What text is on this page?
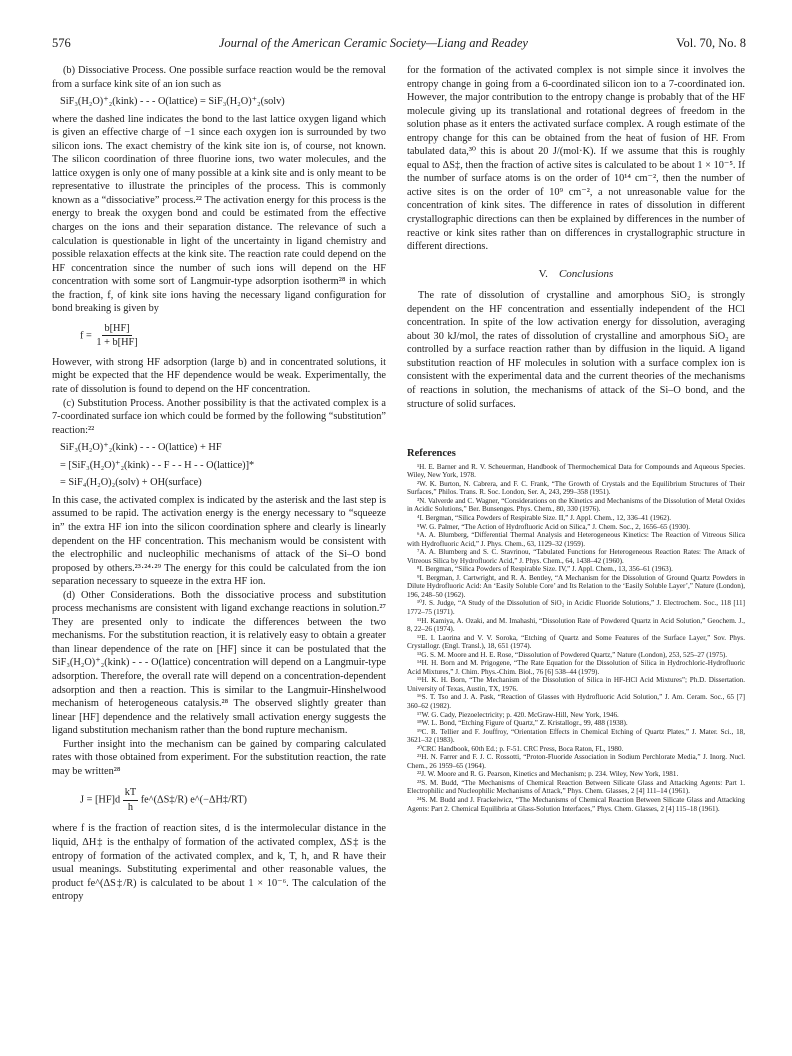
576	Journal of the American Ceramic Society—Liang and Readey	Vol. 70, No. 8

(b) Dissociative Process. One possible surface reaction would be the removal from a surface kink site of an ion such as

SiF₃(H₂O)⁺₂(kink) - - - O(lattice) = SiF₃(H₂O)⁺₂(solv)

where the dashed line indicates the bond to the last lattice oxygen ligand which is given an effective charge of −1 since each oxygen ion is surrounded by two silicon ions. The exact chemistry of the kink site ion is, of course, not known. The silicon coordination of three fluorine ions, two water molecules, and the lattice oxygen is only one of many possible at a kink site and is only meant to be representative to illustrate the principles of the process. This is commonly known as a “dissociative” process.²² The activation energy for this process is the energy to break the oxygen bond and could be estimated from the effective charges on the ions and their separation distance. The relevance of such a calculation is questionable in light of the uncertainty in ligand chemistry and possible relaxation effects at the kink site. The reaction rate could depend on the HF concentration since the number of such ions will depend on the HF concentration with some sort of Langmuir-type adsorption isotherm²⁸ in which the fraction, f, of kink site ions having the necessary ligand configuration for bond breaking is given by

$f = \frac{b[HF]}{1 + b[HF]}$

However, with strong HF adsorption (large b) and in concentrated solutions, it might be expected that the HF dependence would be weak. Experimentally, the rate of dissolution is found to depend on the HF concentration.

(c) Substitution Process. Another possibility is that the activated complex is a 7-coordinated surface ion which could be formed by the following “substitution” reaction:²²

SiF₃(H₂O)⁺₂(kink) - - - O(lattice) + HF
= [SiF₃(H₂O)⁺₂(kink) - - F - - H - - O(lattice)]*
= SiF₄(H₂O)₂(solv) + OH(surface)

In this case, the activated complex is indicated by the asterisk and the last step is assumed to be rapid. The activation energy is the energy necessary to “squeeze in” the extra HF ion into the silicon coordination sphere and clearly is linearly dependent on the HF concentration. This mechanism would be consistent with the electrophilic and nucleophilic mechanisms of attack of the Si–O bond proposed by others.²³·²⁴·²⁹ The energy for this could be calculated from the ion separation necessary to squeeze in the extra HF ion.

(d) Other Considerations. Both the dissociative process and substitution process mechanisms are consistent with ligand exchange reactions in solution.²⁷ They are presented only to indicate the differences between the two mechanisms. For the substitution reaction, it is relatively easy to obtain a greater than linear dependence of the rate on [HF] since it can be postulated that the SiF₃(H₂O)⁺₂(kink) - - - O(lattice) concentration will depend on a Langmuir-type adsorption. Therefore, the overall rate will depend on a concentration-dependent adsorption and then a reaction. This is similar to the Langmuir-Hinshelwood mechanism of heterogeneous catalysis.²⁸ The observed slightly greater than linear [HF] dependence and the relatively small activation energy suggests the ligand substitution mechanism rather than the bond rupture mechanism.

Further insight into the mechanism can be gained by comparing calculated rates with those obtained from experiment. For the substitution reaction, the rate may be written²⁸

$J = [HF]d \frac{kT}{h}$ fe^(ΔS‡/R) e^(−ΔH‡/RT)

where f is the fraction of reaction sites, d is the intermolecular distance in the liquid, ΔH‡ is the enthalpy of formation of the activated complex, ΔS‡ is the entropy of formation of the activated complex, and k, T, h, and R have their usual meanings. Substituting experimental and other reasonable values, the product fe^(ΔS‡/R) is calculated to be about 1 × 10⁻⁶. The calculation of the entropy

for the formation of the activated complex is not simple since it involves the entropy change in going from a 6-coordinated silicon ion to a 7-coordinated ion. However, the major contribution to the entropy change is probably that of the HF molecule giving up its translational and rotational degrees of freedom in the solution phase as it enters the activated surface complex. A rough estimate of the entropy change for this can be obtained from the heat of fusion of HF. From tabulated data,³⁰ this is about 20 J/(mol·K). If we assume that this is roughly equal to ΔS‡, then the fraction of active sites is calculated to be about 1 × 10⁻⁵. If the number of surface atoms is on the order of 10¹⁴ cm⁻², then the number of active sites is on the order of 10⁹ cm⁻², a not unreasonable value for the concentration of kink sites. The difference in rates of dissolution in different crystallographic directions can then be explained by differences in the number of reactive or kink sites rather than on differences in crystallographic structure in different directions.

V. Conclusions

The rate of dissolution of crystalline and amorphous SiO₂ is strongly dependent on the HF concentration and essentially independent of the HCl concentration. In spite of the low activation energy for dissolution, averaging about 30 kJ/mol, the rates of dissolution of crystalline and amorphous SiO₂ are controlled by a surface reaction rather than by diffusion in the liquid. A ligand substitution reaction of HF molecules in solution with a surface complex ion is consistent with the experimental data and the current theories of the mechanisms of reactions in solution, the mechanisms of attack of the Si–O bond, and the structure of solid surfaces.

References

¹H. E. Barner and R. V. Scheuerman, Handbook of Thermochemical Data for Compounds and Aqueous Species. Wiley, New York, 1978.

²W. K. Burton, N. Cabrera, and F. C. Frank, “The Growth of Crystals and the Equilibrium Structures of Their Surfaces,” Philos. Trans. R. Soc. London, Ser. A, 243, 299–358 (1951).

³N. Valverde and C. Wagner, “Considerations on the Kinetics and Mechanisms of the Dissolution of Metal Oxides in Acidic Solutions,” Ber. Bunsenges. Phys. Chem., 80, 330 (1976).

⁴I. Bergman, “Silica Powders of Respirable Size. II,” J. Appl. Chem., 12, 336–41 (1962).

⁵W. G. Palmer, “The Action of Hydrofluoric Acid on Silica,” J. Chem. Soc., 2, 1656–65 (1930).

⁶A. A. Blumberg, “Differential Thermal Analysis and Heterogeneous Kinetics: The Reaction of Vitreous Silica with Hydrofluoric Acid,” J. Phys. Chem., 63, 1129–32 (1959).

⁷A. A. Blumberg and S. C. Stavrinou, “Tabulated Functions for Heterogeneous Reaction Rates: The Attack of Vitreous Silica by Hydrofluoric Acid,” J. Phys. Chem., 64, 1438–42 (1960).

⁸I. Bergman, “Silica Powders of Respirable Size. IV,” J. Appl. Chem., 13, 356–61 (1963).

⁹I. Bergman, J. Cartwright, and R. A. Bentley, “A Mechanism for the Dissolution of Ground Quartz Powders in Dilute Hydrofluoric Acid: An ‘Easily Soluble Core’ and Its Relation to the ‘Easily Soluble Layer’,” Nature (London), 196, 248–50 (1962).

¹⁰J. S. Judge, “A Study of the Dissolution of SiO₂ in Acidic Fluoride Solutions,” J. Electrochem. Soc., 118 [11] 1772–75 (1971).

¹¹H. Kamiya, A. Ozaki, and M. Imahashi, “Dissolution Rate of Powdered Quartz in Acid Solution,” Geochem. J., 8, 22–26 (1974).

¹²E. I. Laorina and V. V. Soroka, “Etching of Quartz and Some Features of the Surface Layer,” Sov. Phys. Crystallogr. (Engl. Transl.), 18, 651 (1974).

¹³G. S. M. Moore and H. E. Rose, “Dissolution of Powdered Quartz,” Nature (London), 253, 525–27 (1975).

¹⁴H. H. Born and M. Prigogene, “The Rate Equation for the Dissolution of Silica in Hydrochloric-Hydrofluoric Acid Mixtures,” J. Chim. Phys.-Chim. Biol., 76 [6] 538–44 (1979).

¹⁵H. K. H. Born, “The Mechanism of the Dissolution of Silica in HF-HCl Acid Mixtures”; Ph.D. Dissertation. University of Texas, Austin, TX, 1976.

¹⁶S. T. Tso and J. A. Pask, “Reaction of Glasses with Hydrofluoric Acid Solution,” J. Am. Ceram. Soc., 65 [7] 360–62 (1982).

¹⁷W. G. Cady, Piezoelectricity; p. 420. McGraw-Hill, New York, 1946.

¹⁸W. L. Bond, “Etching Figure of Quartz,” Z. Kristallogr., 99, 488 (1938).

¹⁹C. R. Tellier and F. Jouffroy, “Orientation Effects in Chemical Etching of Quartz Plates,” J. Mater. Sci., 18, 3621–32 (1983).

²⁰CRC Handbook, 60th Ed.; p. F-51. CRC Press, Boca Raton, FL, 1980.

²¹H. N. Farrer and F. J. C. Rossotti, “Proton-Fluoride Association in Sodium Perchlorate Media,” J. Inorg. Nucl. Chem., 26 1959–65 (1964).

²²J. W. Moore and R. G. Pearson, Kinetics and Mechanism; p. 234. Wiley, New York, 1981.

²³S. M. Budd, “The Mechanisms of Chemical Reaction Between Silicate Glass and Attacking Agents: Part 1. Electrophilic and Nucleophilic Mechanisms of Attack,” Phys. Chem. Glasses, 2 [4] 111–14 (1961).

²⁴S. M. Budd and J. Frackeiwicz, “The Mechanisms of Chemical Reaction Between Silicate Glass and Attacking Agents: Part 2. Chemical Equilibria at Glass-Solution Interfaces,” Phys. Chem. Glasses, 2 [4] 115–18 (1961).
